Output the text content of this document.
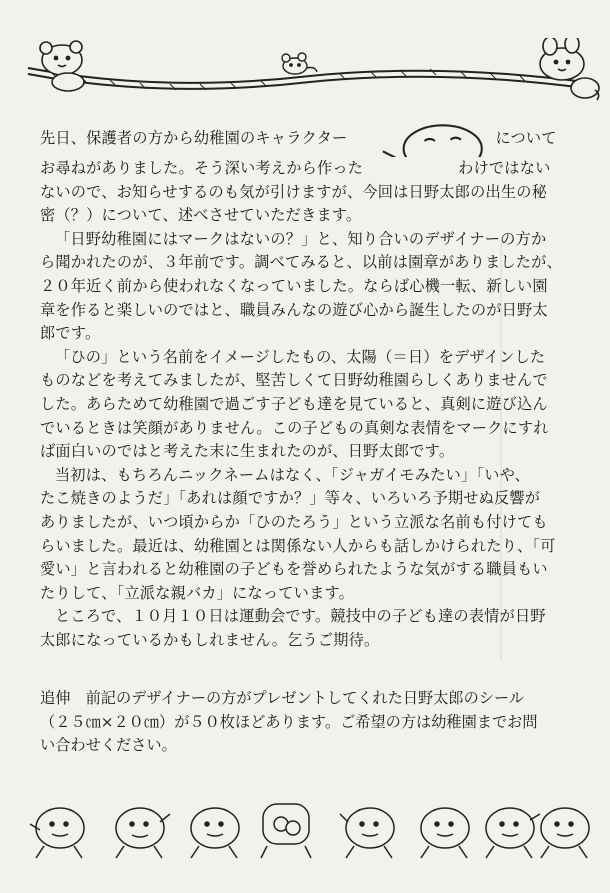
先日、保護者の方から幼稚園のキャラクター	について

お尋ねがありました。そう深い考えから作った	わけではない

ないので、お知らせするのも気が引けますが、今回は日野太郎の出生の秘

密（？）について、述べさせていただきます。

「日野幼稚園にはマークはないの？」と、知り合いのデザイナーの方か

ら聞かれたのが、３年前です。調べてみると、以前は園章がありましたが、

２０年近く前から使われなくなっていました。ならば心機一転、新しい園

章を作ると楽しいのではと、職員みんなの遊び心から誕生したのが日野太

郎です。

「ひの」という名前をイメージしたもの、太陽（＝日）をデザインした

ものなどを考えてみましたが、堅苦しくて日野幼稚園らしくありませんで

した。あらためて幼稚園で過ごす子ども達を見ていると、真剣に遊び込ん

でいるときは笑顔がありません。この子どもの真剣な表情をマークにすれ

ば面白いのではと考えた末に生まれたのが、日野太郎です。

当初は、もちろんニックネームはなく、「ジャガイモみたい」「いや、

たこ焼きのようだ」「あれは顔ですか？」等々、いろいろ予期せぬ反響が

ありましたが、いつ頃からか「ひのたろう」という立派な名前も付けても

らいました。最近は、幼稚園とは関係ない人からも話しかけられたり、「可

愛い」と言われると幼稚園の子どもを誉められたような気がする職員もい

たりして、「立派な親バカ」になっています。

ところで、１０月１０日は運動会です。競技中の子ども達の表情が日野

太郎になっているかもしれません。乞うご期待。

追伸　前記のデザイナーの方がプレゼントしてくれた日野太郎のシール

（２５㎝×２０㎝）が５０枚ほどあります。ご希望の方は幼稚園までお問

い合わせください。
